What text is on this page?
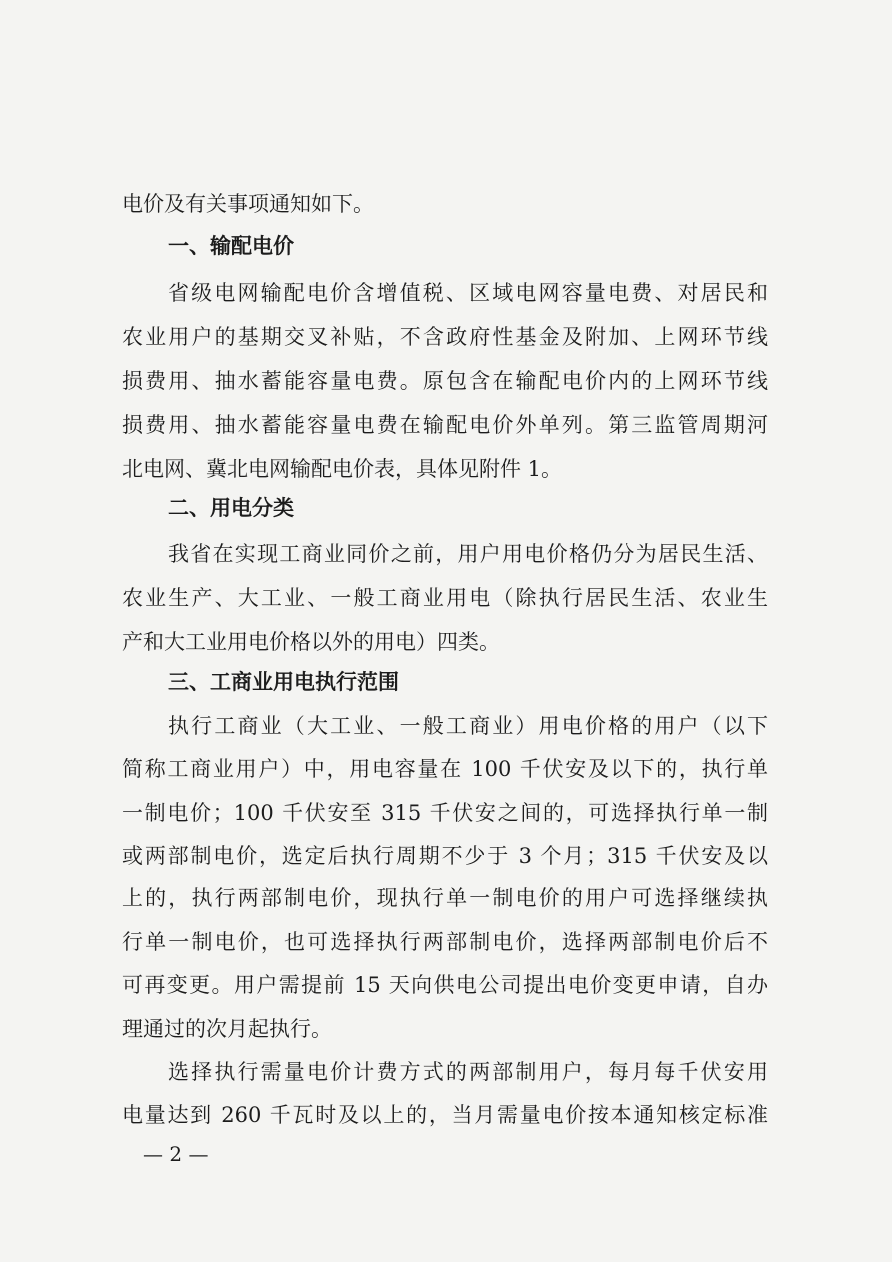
电价及有关事项通知如下。
一、输配电价
省级电网输配电价含增值税、区域电网容量电费、对居民和
农业用户的基期交叉补贴，不含政府性基金及附加、上网环节线
损费用、抽水蓄能容量电费。原包含在输配电价内的上网环节线
损费用、抽水蓄能容量电费在输配电价外单列。第三监管周期河
北电网、冀北电网输配电价表，具体见附件 1。
二、用电分类
我省在实现工商业同价之前，用户用电价格仍分为居民生活、
农业生产、大工业、一般工商业用电（除执行居民生活、农业生
产和大工业用电价格以外的用电）四类。
三、工商业用电执行范围
执行工商业（大工业、一般工商业）用电价格的用户（以下
简称工商业用户）中，用电容量在 100 千伏安及以下的，执行单
一制电价；100 千伏安至 315 千伏安之间的，可选择执行单一制
或两部制电价，选定后执行周期不少于 3 个月；315 千伏安及以
上的，执行两部制电价，现执行单一制电价的用户可选择继续执
行单一制电价，也可选择执行两部制电价，选择两部制电价后不
可再变更。用户需提前 15 天向供电公司提出电价变更申请，自办
理通过的次月起执行。
选择执行需量电价计费方式的两部制用户，每月每千伏安用
电量达到 260 千瓦时及以上的，当月需量电价按本通知核定标准
— 2 —
